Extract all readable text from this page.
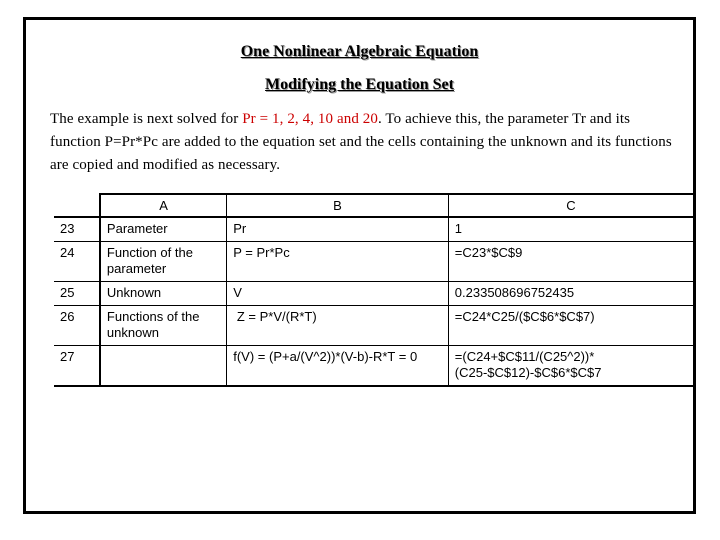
One Nonlinear Algebraic Equation
Modifying the Equation Set
The example is next solved for Pr = 1, 2, 4, 10 and 20. To achieve this, the parameter Tr and its function P=Pr*Pc are added to the equation set and the cells containing the unknown and its functions are copied and modified as necessary.
	A	B	C
23	Parameter	Pr	1
24	Function of the parameter	P = Pr*Pc	=C23*$C$9
25	Unknown	V	0.233508696752435
26	Functions of the unknown	Z = P*V/(R*T)	=C24*C25/($C$6*$C$7)
27		f(V) = (P+a/(V^2))*(V-b)-R*T = 0	=(C24+$C$11/(C25^2))*(C25-$C$12)-$C$6*$C$7
